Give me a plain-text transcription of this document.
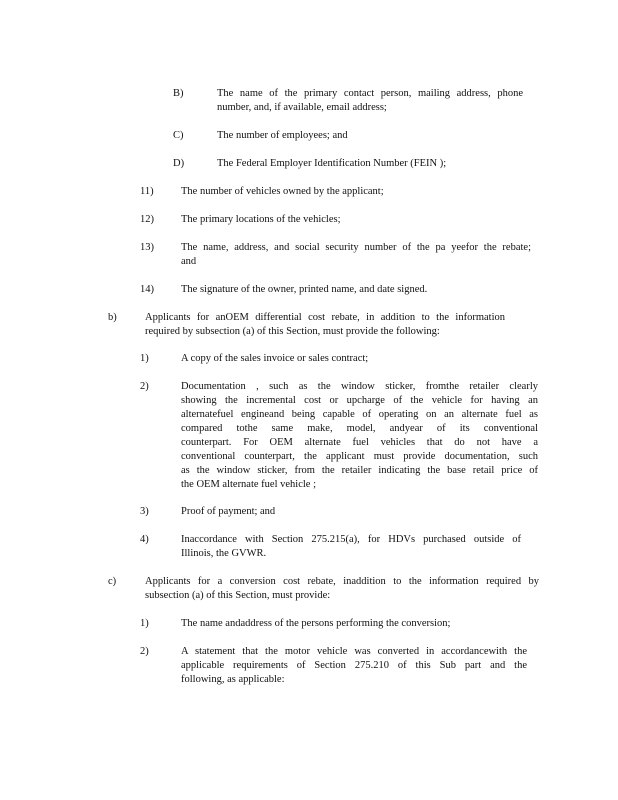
B)	The name of the primary contact person, mailing address, phone
number, and, if available, email address;
C)	The number of employees; and
D)	The Federal Employer Identification Number (FEIN );
11)	The number of vehicles owned by the applicant;
12)	The primary locations of the vehicles;
13)	The name, address, and social security number of the pa yeefor the rebate;
and
14)	The signature of the owner, printed name, and date signed.
b)	Applicants for anOEM differential cost rebate, in addition to the information
required by subsection (a) of this Section, must provide the following:
1)	A copy of the sales invoice or sales contract;
2)	Documentation , such as the window sticker, fromthe retailer clearly
showing the incremental cost or upcharge of the vehicle for having an
alternatefuel engineand being capable of operating on an alternate fuel as
compared tothe same make, model, andyear of its conventional
counterpart. For OEM alternate fuel vehicles that do not have a
conventional counterpart, the applicant must provide documentation, such
as the window sticker, from the retailer indicating the base retail price of
the OEM alternate fuel vehicle ;
3)	Proof of payment; and
4)	Inaccordance with Section 275.215(a), for HDVs purchased outside of
Illinois, the GVWR.
c)	Applicants for a conversion cost rebate, inaddition to the information required by
subsection (a) of this Section, must provide:
1)	The name andaddress of the persons performing the conversion;
2)	A statement that the motor vehicle was converted in accordancewith the
applicable requirements of Section 275.210 of this Sub part and the
following, as applicable:
